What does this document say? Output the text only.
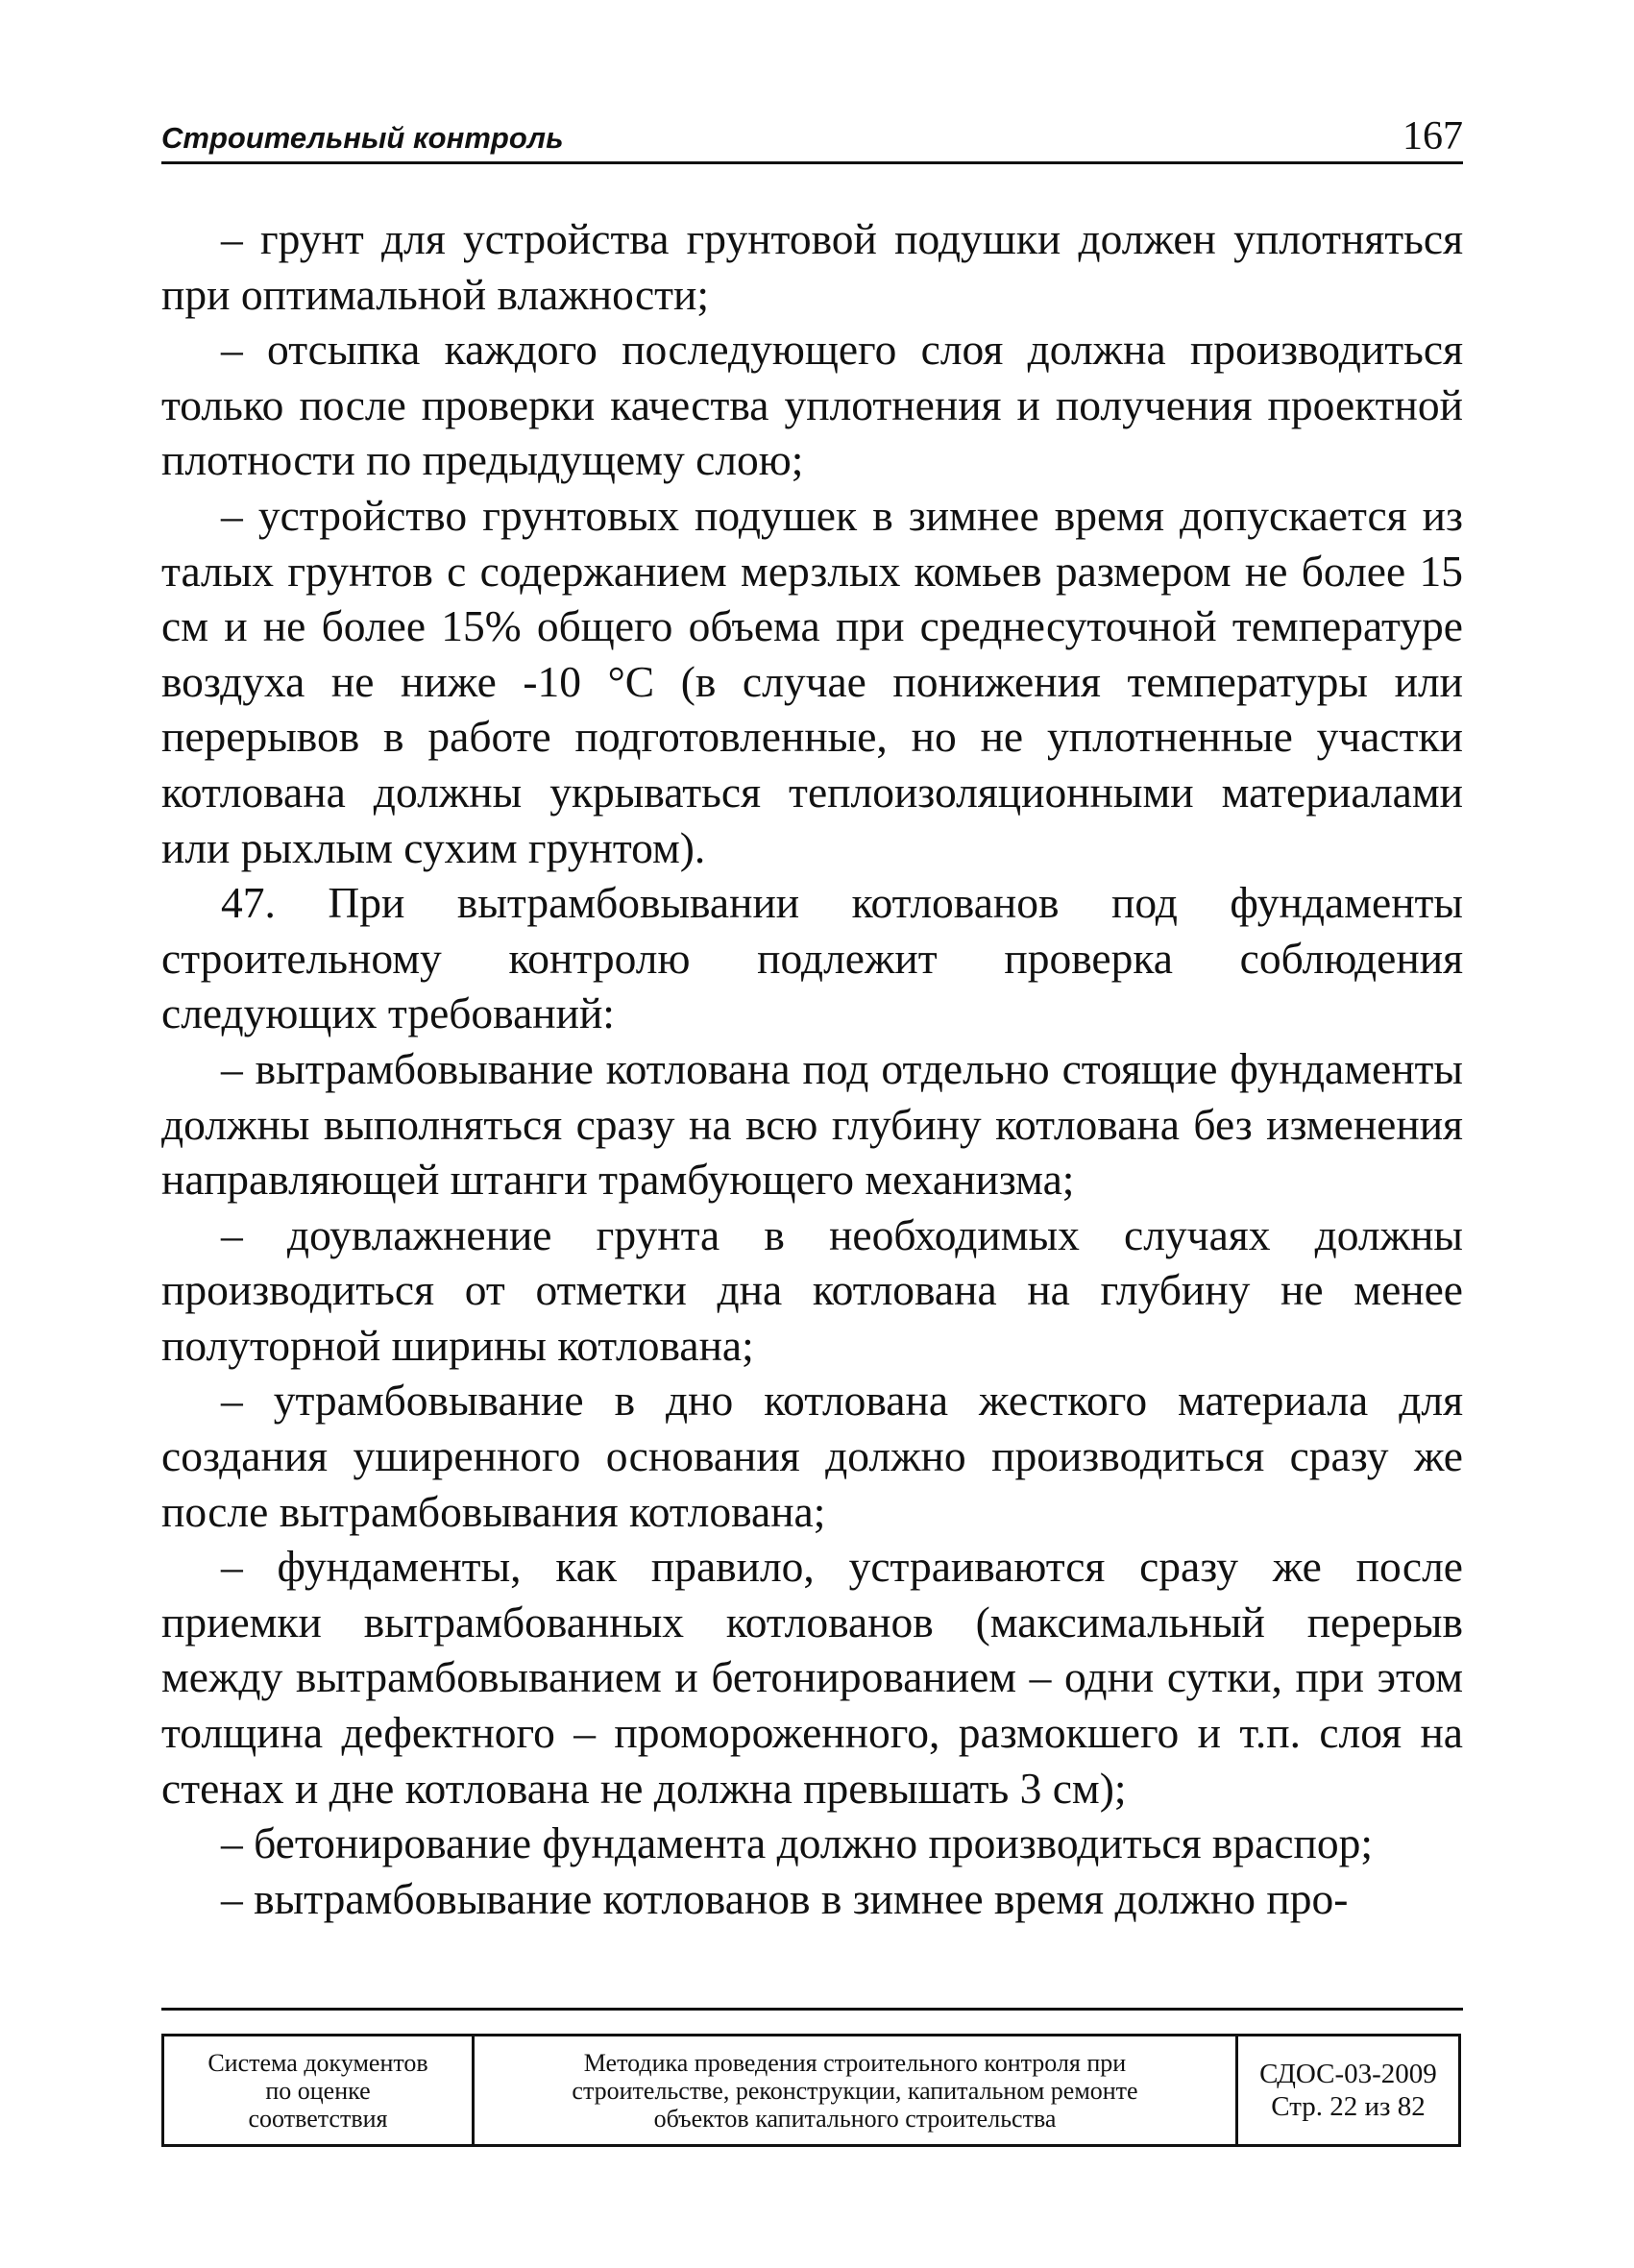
Строительный контроль	167

– грунт для устройства грунтовой подушки должен уплотняться при оптимальной влажности;

– отсыпка каждого последующего слоя должна производиться только после проверки качества уплотнения и получения проектной плотности по предыдущему слою;

– устройство грунтовых подушек в зимнее время допускается из талых грунтов с содержанием мерзлых комьев размером не более 15 см и не более 15% общего объема при среднесуточной температуре воздуха не ниже -10 °С (в случае понижения температуры или перерывов в работе подготовленные, но не уплотненные участки котлована должны укрываться теплоизоляционными материалами или рыхлым сухим грунтом).

47. При вытрамбовывании котлованов под фундаменты строительному контролю подлежит проверка соблюдения следующих требований:

– вытрамбовывание котлована под отдельно стоящие фундаменты должны выполняться сразу на всю глубину котлована без изменения направляющей штанги трамбующего механизма;

– доувлажнение грунта в необходимых случаях должны производиться от отметки дна котлована на глубину не менее полуторной ширины котлована;

– утрамбовывание в дно котлована жесткого материала для создания уширенного основания должно производиться сразу же после вытрамбовывания котлована;

– фундаменты, как правило, устраиваются сразу же после приемки вытрамбованных котлованов (максимальный перерыв между вытрамбовыванием и бетонированием – одни сутки, при этом толщина дефектного – промороженного, размокшего и т.п. слоя на стенах и дне котлована не должна превышать 3 см);

– бетонирование фундамента должно производиться враспор;

– вытрамбовывание котлованов в зимнее время должно про-

Система документов
по оценке
соответствия
Методика проведения строительного контроля при
строительстве, реконструкции, капитальном ремонте
объектов капитального строительства
СДОС-03-2009
Стр. 22 из 82
